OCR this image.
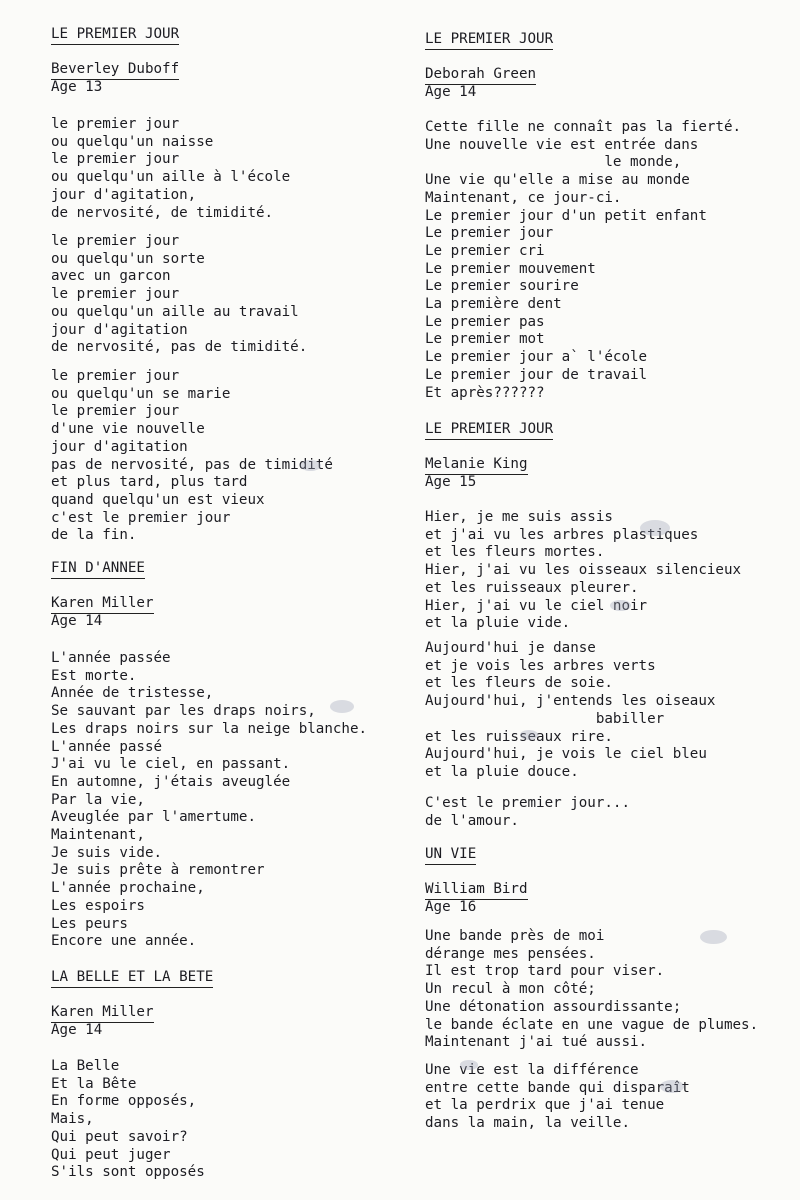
LE PREMIER JOUR
Beverley Duboff
Age 13
le premier jour
ou quelqu'un naisse
le premier jour
ou quelqu'un aille à l'école
jour d'agitation,
de nervosité, de timidité.
le premier jour
ou quelqu'un sorte
avec un garcon
le premier jour
ou quelqu'un aille au travail
jour d'agitation
de nervosité, pas de timidité.
le premier jour
ou quelqu'un se marie
le premier jour
d'une vie nouvelle
jour d'agitation
pas de nervosité, pas de timidité
et plus tard, plus tard
quand quelqu'un est vieux
c'est le premier jour
de la fin.
FIN D'ANNEE
Karen Miller
Age 14
L'année passée
Est morte.
Année de tristesse,
Se sauvant par les draps noirs,
Les draps noirs sur la neige blanche.
L'année passé
J'ai vu le ciel, en passant.
En automne, j'étais aveuglée
Par la vie,
Aveuglée par l'amertume.
Maintenant,
Je suis vide.
Je suis prête à remontrer
L'année prochaine,
Les espoirs
Les peurs
Encore une année.
LA BELLE ET LA BETE
Karen Miller
Age 14
La Belle
Et la Bête
En forme opposés,
Mais,
Qui peut savoir?
Qui peut juger
S'ils sont opposés
LE PREMIER JOUR
Deborah Green
Age 14
Cette fille ne connaît pas la fierté.
Une nouvelle vie est entrée dans
le monde,
Une vie qu'elle a mise au monde
Maintenant, ce jour-ci.
Le premier jour d'un petit enfant
Le premier jour
Le premier cri
Le premier mouvement
Le premier sourire
La première dent
Le premier pas
Le premier mot
Le premier jour a` l'école
Le premier jour de travail
Et après??????
LE PREMIER JOUR
Melanie King
Age 15
Hier, je me suis assis
et j'ai vu les arbres plastiques
et les fleurs mortes.
Hier, j'ai vu les oisseaux silencieux
et les ruisseaux pleurer.
Hier, j'ai vu le ciel noir
et la pluie vide.
Aujourd'hui je danse
et je vois les arbres verts
et les fleurs de soie.
Aujourd'hui, j'entends les oiseaux
babiller
et les ruisseaux rire.
Aujourd'hui, je vois le ciel bleu
et la pluie douce.
C'est le premier jour...
de l'amour.
UN VIE
William Bird
Age 16
Une bande près de moi
dérange mes pensées.
Il est trop tard pour viser.
Un recul à mon côté;
Une détonation assourdissante;
le bande éclate en une vague de plumes.
Maintenant j'ai tué aussi.
Une vie est la différence
entre cette bande qui disparaît
et la perdrix que j'ai tenue
dans la main, la veille.
